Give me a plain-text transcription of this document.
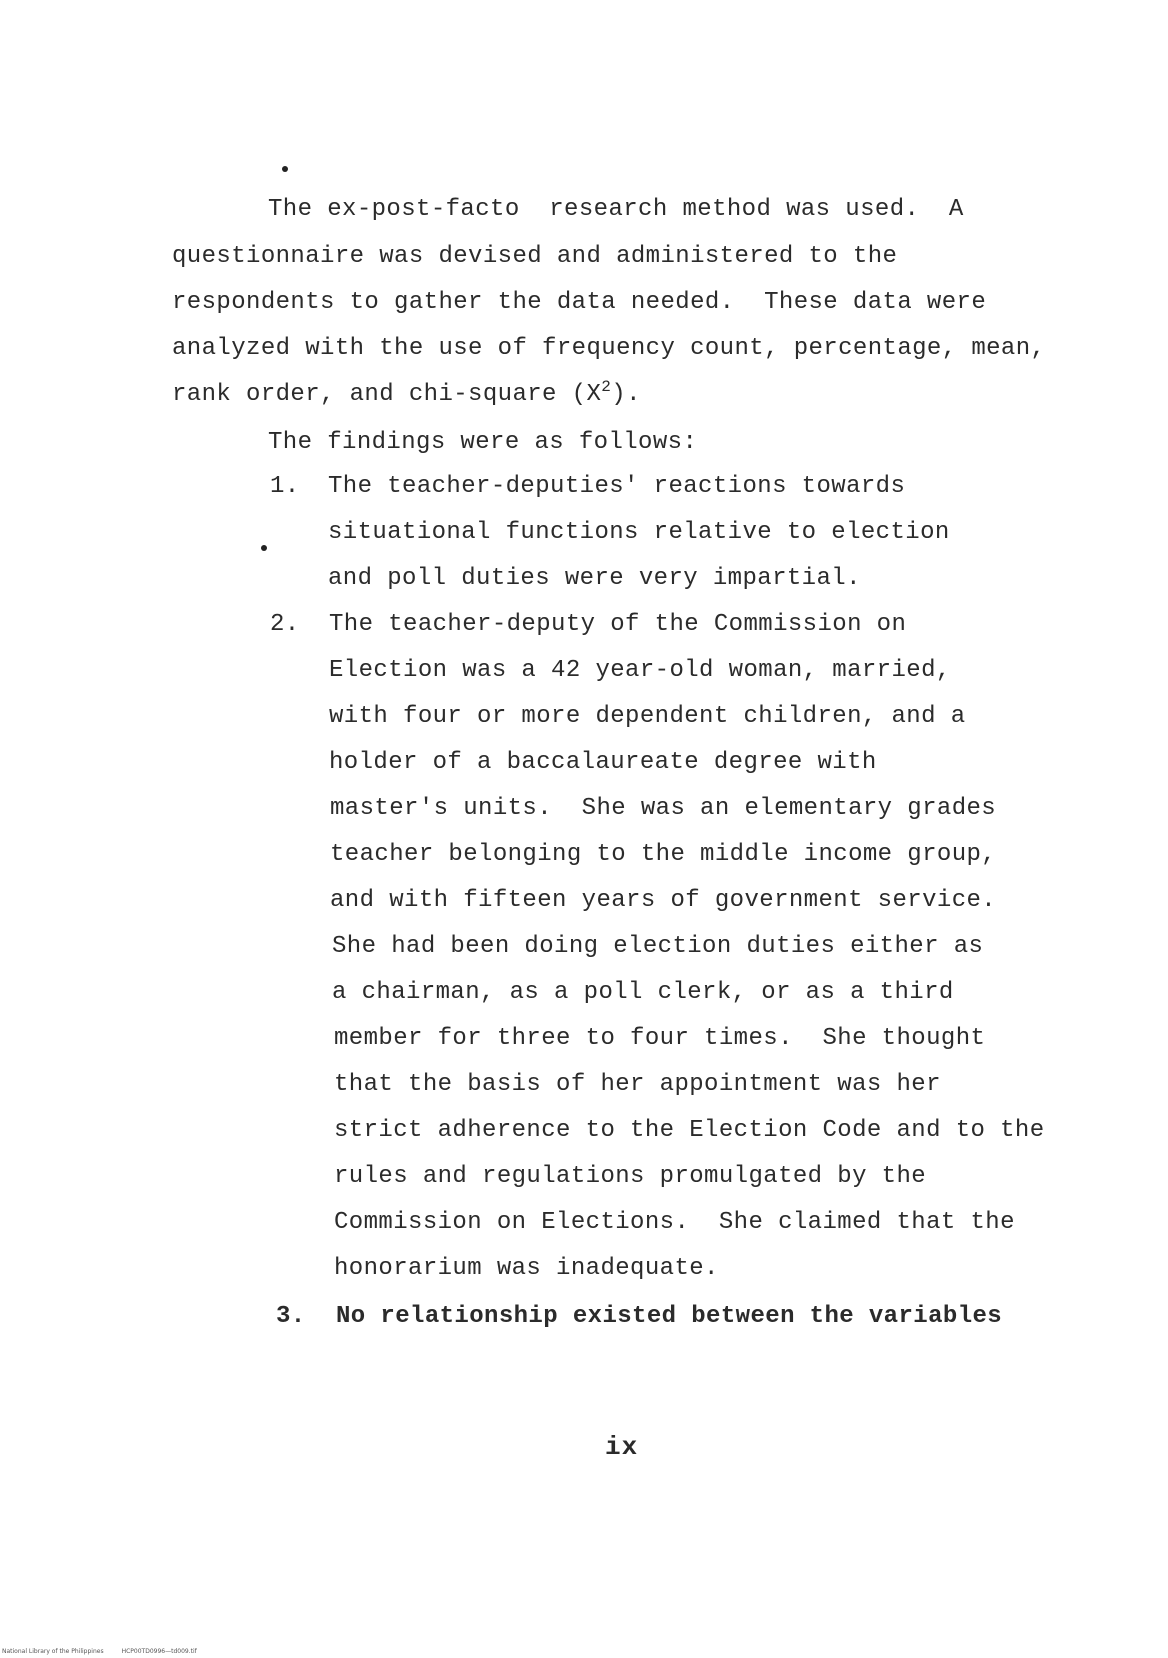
The ex-post-facto  research method was used.  A
questionnaire was devised and administered to the
respondents to gather the data needed.  These data were
analyzed with the use of frequency count, percentage, mean,
rank order, and chi-square $(X^2)$.
The findings were as follows:
1. The teacher-deputies' reactions towards
situational functions relative to election
and poll duties were very impartial.
2. The teacher-deputy of the Commission on
Election was a 42 year-old woman, married,
with four or more dependent children, and a
holder of a baccalaureate degree with
master's units.  She was an elementary grades
teacher belonging to the middle income group,
and with fifteen years of government service.
She had been doing election duties either as
a chairman, as a poll clerk, or as a third
member for three to four times.  She thought
that the basis of her appointment was her
strict adherence to the Election Code and to the
rules and regulations promulgated by the
Commission on Elections.  She claimed that the
honorarium was inadequate.
3. No relationship existed between the variables
ix
National Library of the Philippines	HCP00TD0996—td009.tif
